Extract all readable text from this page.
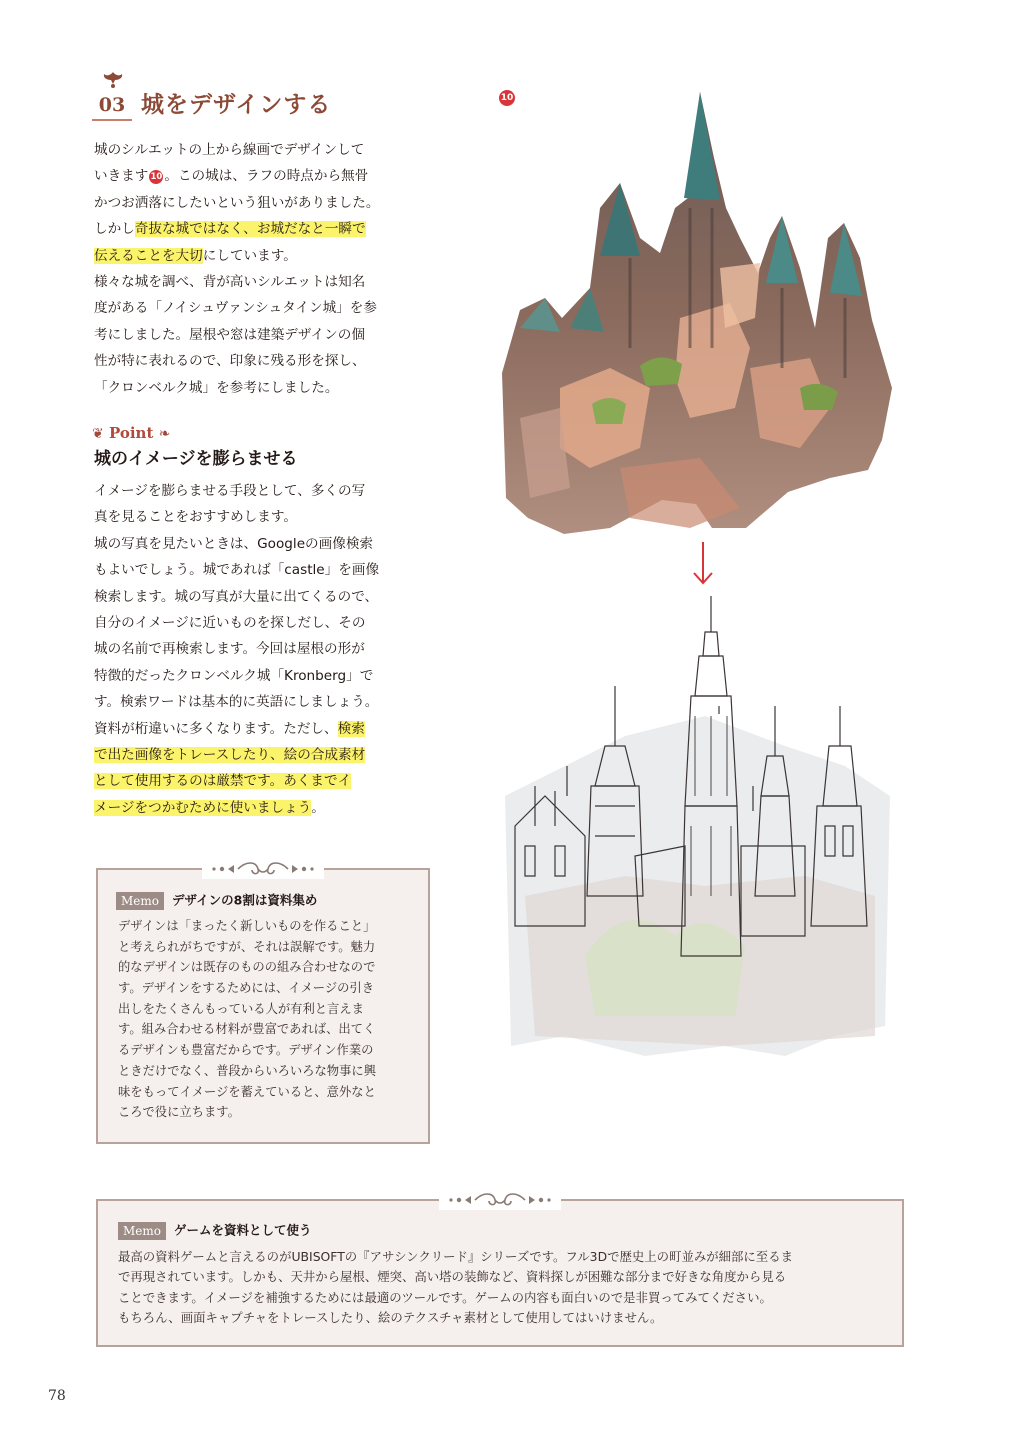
03 城をデザインする
城のシルエットの上から線画でデザインして
いきます 10 。この城は、ラフの時点から無骨
かつお洒落にしたいという狙いがありました。
しかし奇抜な城ではなく、お城だなと一瞬で
伝えることを大切にしています。
様々な城を調べ、背が高いシルエットは知名
度がある「ノイシュヴァンシュタイン城」を参
考にしました。屋根や窓は建築デザインの個
性が特に表れるので、印象に残る形を探し、
「クロンベルク城」を参考にしました。
❦ Point ❧
城のイメージを膨らませる
イメージを膨らませる手段として、多くの写
真を見ることをおすすめします。
城の写真を見たいときは、Googleの画像検索
もよいでしょう。城であれば「castle」を画像
検索します。城の写真が大量に出てくるので、
自分のイメージに近いものを探しだし、その
城の名前で再検索します。今回は屋根の形が
特徴的だったクロンベルク城「Kronberg」で
す。検索ワードは基本的に英語にしましょう。
資料が桁違いに多くなります。ただし、検索
で出た画像をトレースしたり、絵の合成素材
として使用するのは厳禁です。あくまでイ
メージをつかむために使いましょう。
Memo デザインの8割は資料集め
デザインは「まったく新しいものを作ること」
と考えられがちですが、それは誤解です。魅力
的なデザインは既存のものの組み合わせなので
す。デザインをするためには、イメージの引き
出しをたくさんもっている人が有利と言えま
す。組み合わせる材料が豊富であれば、出てく
るデザインも豊富だからです。デザイン作業の
ときだけでなく、普段からいろいろな物事に興
味をもってイメージを蓄えていると、意外なと
ころで役に立ちます。
Memo ゲームを資料として使う
最高の資料ゲームと言えるのがUBISOFTの『アサシンクリード』シリーズです。フル3Dで歴史上の町並みが細部に至るま
で再現されています。しかも、天井から屋根、煙突、高い塔の装飾など、資料探しが困難な部分まで好きな角度から見る
ことできます。イメージを補強するためには最適のツールです。ゲームの内容も面白いので是非買ってみてください。
もちろん、画面キャプチャをトレースしたり、絵のテクスチャ素材として使用してはいけません。
10
78
